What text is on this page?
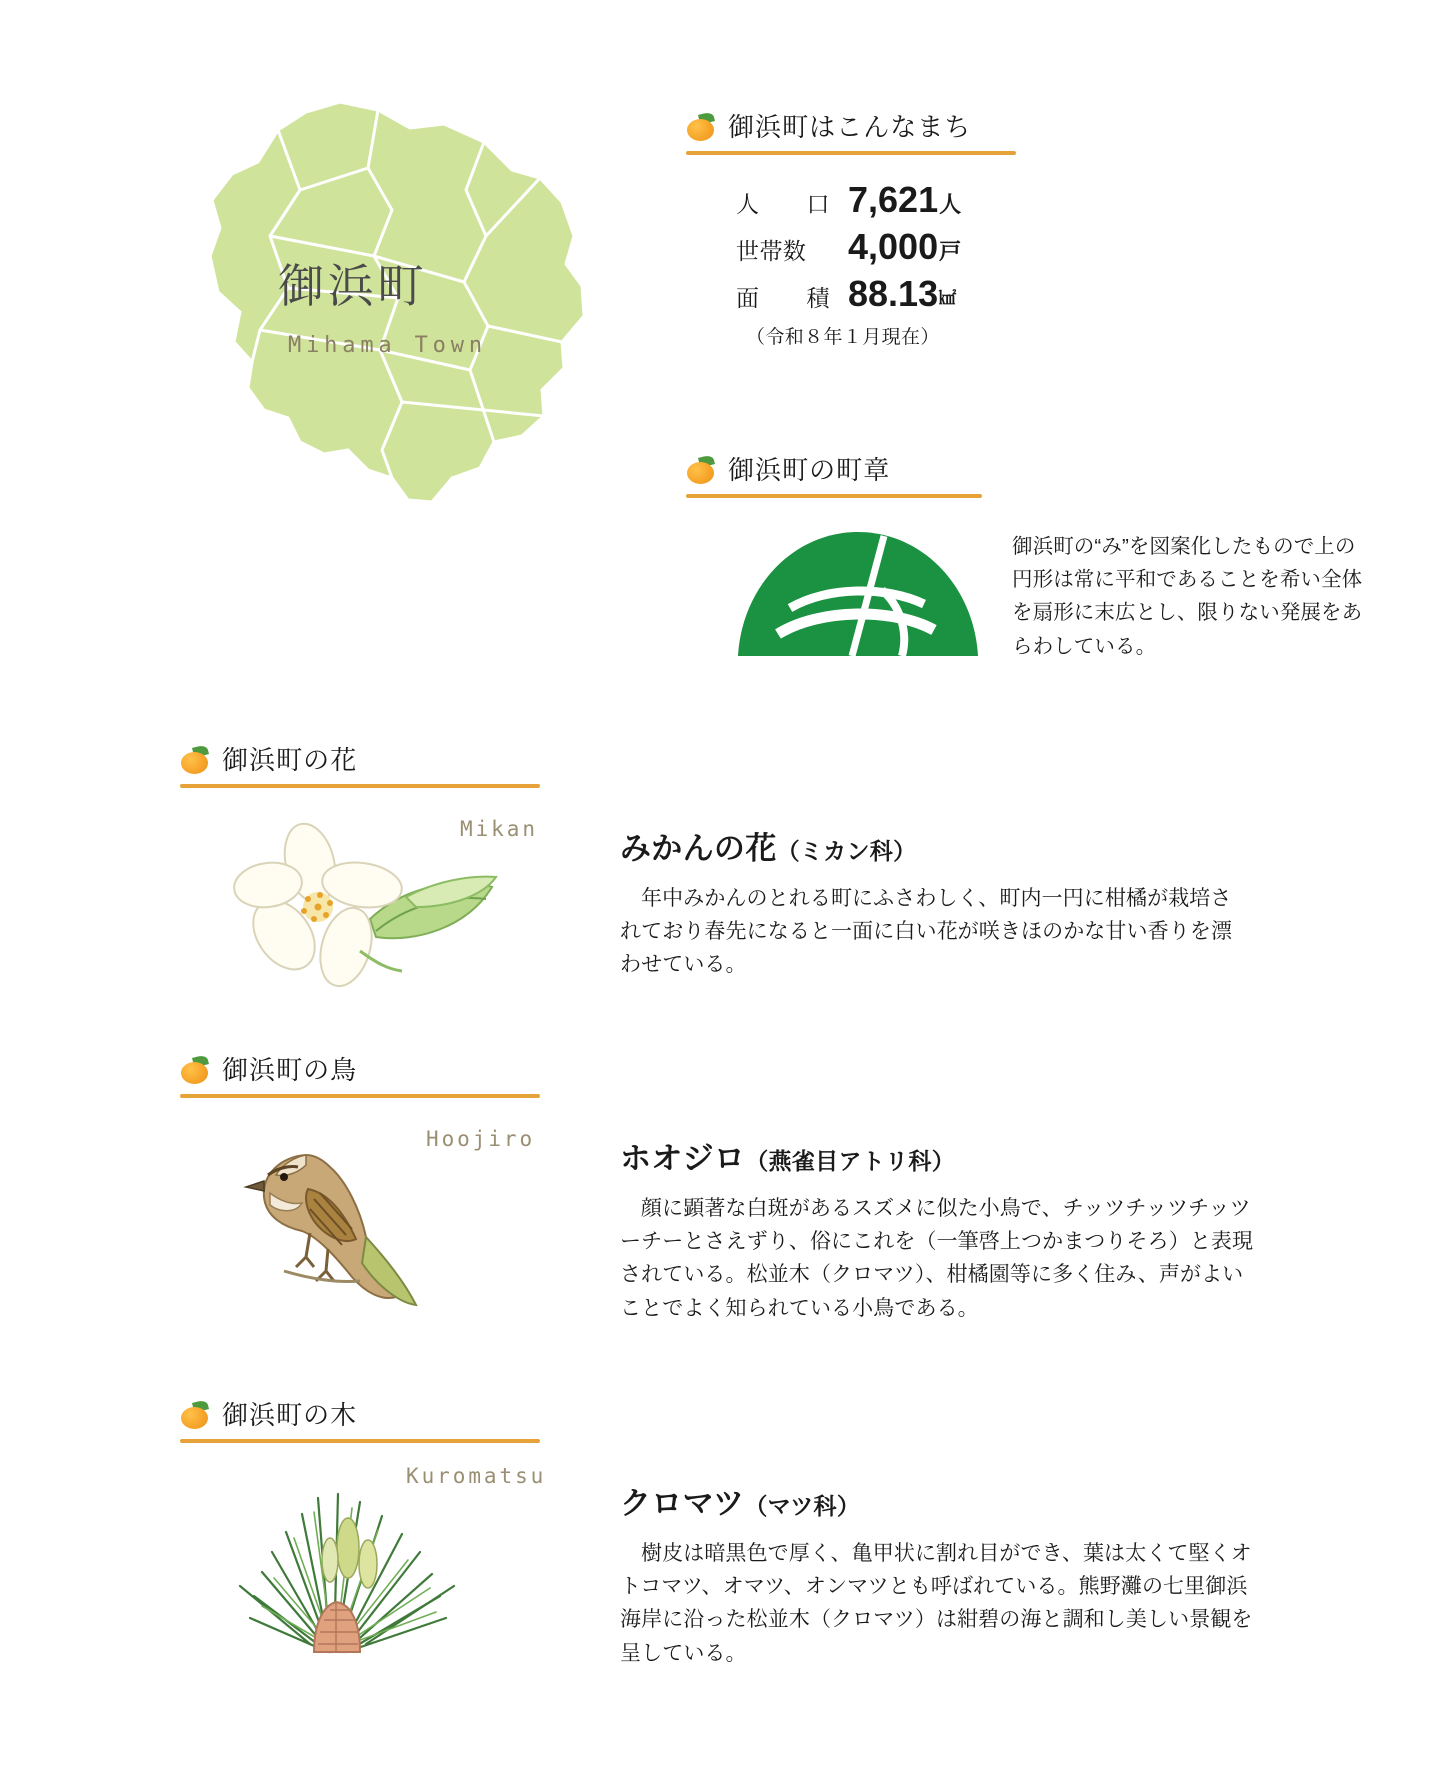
御浜町
Mihama Town
御浜町はこんなまち
人 口 7,621 人
世帯数	4,000 戸
面 積 88.13 ㎢
（令和８年１月現在）
御浜町の町章
御浜町の“み”を図案化したもので上の円形は常に平和であることを希い全体を扇形に末広とし、限りない発展をあらわしている。
御浜町の花
Mikan
みかんの花（ミカン科）
年中みかんのとれる町にふさわしく、町内一円に柑橘が栽培されており春先になると一面に白い花が咲きほのかな甘い香りを漂わせている。
御浜町の鳥
Hoojiro
ホオジロ（燕雀目アトリ科）
顔に顕著な白斑があるスズメに似た小鳥で、チッツチッツチッツーチーとさえずり、俗にこれを（一筆啓上つかまつりそろ）と表現されている。松並木（クロマツ）、柑橘園等に多く住み、声がよいことでよく知られている小鳥である。
御浜町の木
Kuromatsu
クロマツ（マツ科）
樹皮は暗黒色で厚く、亀甲状に割れ目ができ、葉は太くて堅くオトコマツ、オマツ、オンマツとも呼ばれている。熊野灘の七里御浜海岸に沿った松並木（クロマツ）は紺碧の海と調和し美しい景観を呈している。
